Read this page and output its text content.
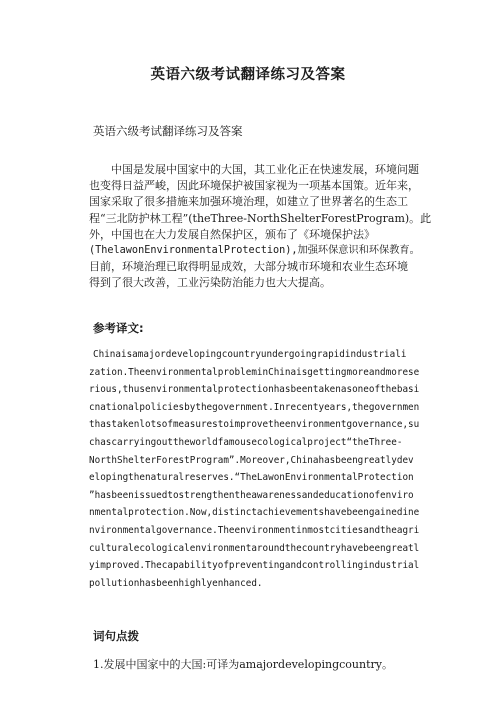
英语六级考试翻译练习及答案
英语六级考试翻译练习及答案
中国是发展中国家中的大国，其工业化正在快速发展，环境问题
也变得日益严峻，因此环境保护被国家视为一项基本国策。近年来，
国家采取了很多措施来加强环境治理，如建立了世界著名的生态工
程“三北防护林工程”(theThree-NorthShelterForestProgram)。此
外，中国也在大力发展自然保护区，颁布了《环境保护法》
(ThelawonEnvironmentalProtection),加强环保意识和环保教育。
目前，环境治理已取得明显成效，大部分城市环境和农业生态环境
得到了很大改善，工业污染防治能力也大大提高。
参考译文:
Chinaisamajordevelopingcountryundergoingrapidindustriali
zation.TheenvironmentalprobleminChinaisgettingmoreandmorese
rious,thusenvironmentalprotectionhasbeentakenasoneofthebasi
cnationalpoliciesbythegovernment.Inrecentyears,thegovernmen
thastakenlotsofmeasurestoimprovetheenvironmentgovernance,su
chascarryingouttheworldfamousecologicalproject“theThree-
NorthShelterForestProgram”.Moreover,Chinahasbeengreatlydev
elopingthenaturalreserves.“TheLawonEnvironmentalProtection
”hasbeenissuedtostrengthentheawarenessandeducationofenviro
nmentalprotection.Now,distinctachievementshavebeengainedine
nvironmentalgovernance.Theenvironmentinmostcitiesandtheagri
culturalecologicalenvironmentaroundthecountryhavebeengreatl
yimproved.Thecapabilityofpreventingandcontrollingindustrial
pollutionhasbeenhighlyenhanced.
词句点拨
1.发展中国家中的大国:可译为amajordevelopingcountry。
